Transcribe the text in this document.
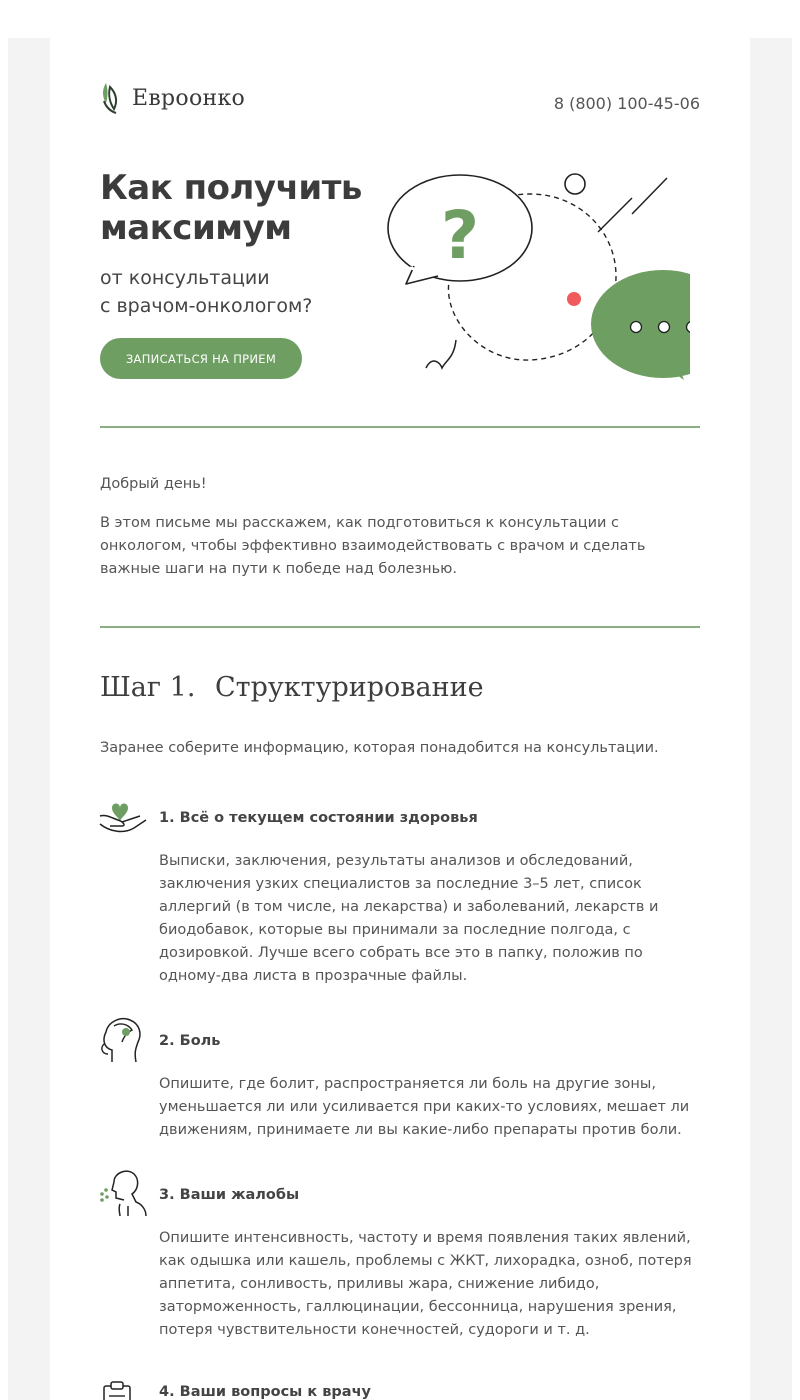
Евроонко	8 (800) 100-45-06
Как получить максимум
от консультации
с врачом-онкологом?
ЗАПИСАТЬСЯ НА ПРИЕМ
?
Добрый день!
В этом письме мы расскажем, как подготовиться к консультации с онкологом, чтобы эффективно взаимодействовать с врачом и сделать важные шаги на пути к победе над болезнью.
Шаг 1. Структурирование
Заранее соберите информацию, которая понадобится на консультации.
1. Всё о текущем состоянии здоровья
Выписки, заключения, результаты анализов и обследований, заключения узких специалистов за последние 3–5 лет, список аллергий (в том числе, на лекарства) и заболеваний, лекарств и биодобавок, которые вы принимали за последние полгода, с дозировкой. Лучше всего собрать все это в папку, положив по одному-два листа в прозрачные файлы.
2. Боль
Опишите, где болит, распространяется ли боль на другие зоны, уменьшается ли или усиливается при каких-то условиях, мешает ли движениям, принимаете ли вы какие-либо препараты против боли.
3. Ваши жалобы
Опишите интенсивность, частоту и время появления таких явлений, как одышка или кашель, проблемы с ЖКТ, лихорадка, озноб, потеря аппетита, сонливость, приливы жара, снижение либидо, заторможенность, галлюцинации, бессонница, нарушения зрения, потеря чувствительности конечностей, судороги и т. д.
4. Ваши вопросы к врачу
